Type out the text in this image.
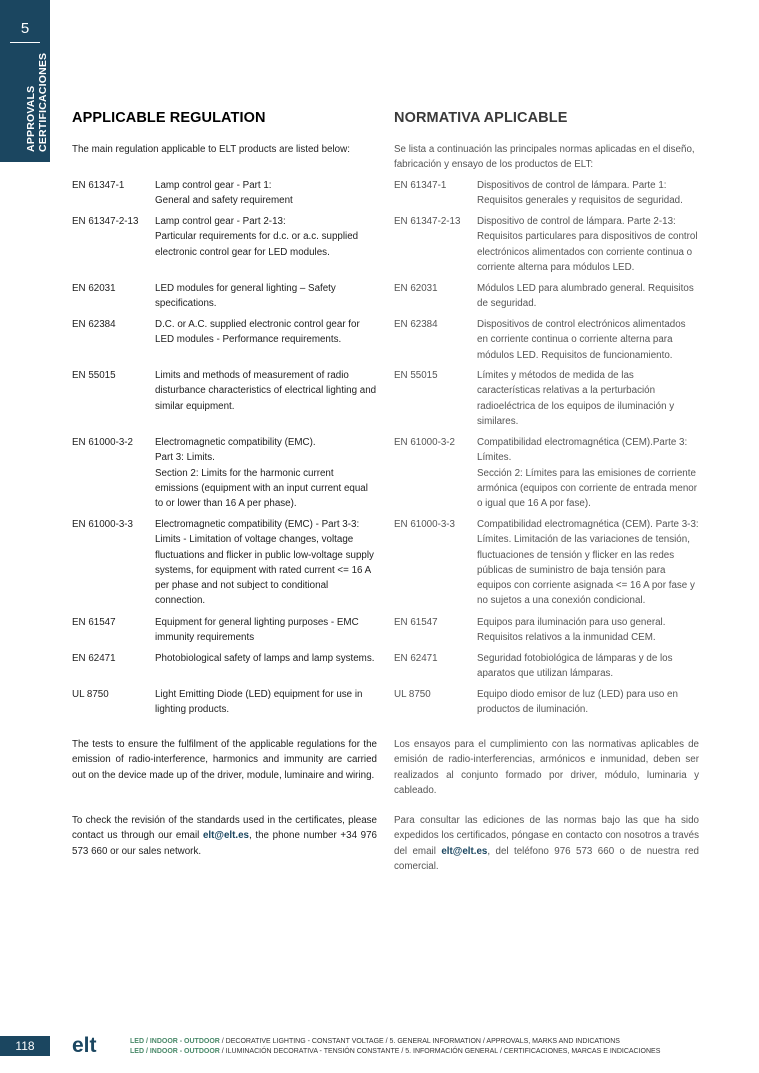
5
APPROVALS CERTIFICACIONES APPLICABLE REGULATION
The main regulation applicable to ELT products are listed below:
EN 61347-1	Lamp control gear - Part 1:
General and safety requirement
EN 61347-2-13	Lamp control gear - Part 2-13:
Particular requirements for d.c. or a.c. supplied electronic control gear for LED modules.
EN 62031	LED modules for general lighting – Safety specifications.
EN 62384	D.C. or A.C. supplied electronic control gear for LED modules - Performance requirements.
EN 55015	Limits and methods of measurement of radio disturbance characteristics of electrical lighting and similar equipment.
EN 61000-3-2	Electromagnetic compatibility (EMC).
Part 3: Limits.
Section 2: Limits for the harmonic current emissions (equipment with an input current equal to or lower than 16 A per phase).
EN 61000-3-3	Electromagnetic compatibility (EMC) - Part 3-3: Limits - Limitation of voltage changes, voltage fluctuations and flicker in public low-voltage supply systems, for equipment with rated current <= 16 A per phase and not subject to conditional connection.
EN 61547	Equipment for general lighting purposes - EMC immunity requirements
EN 62471	Photobiological safety of lamps and lamp systems.
UL 8750	Light Emitting Diode (LED) equipment for use in lighting products.
The tests to ensure the fulfilment of the applicable regulations for the emission of radio-interference, harmonics and immunity are carried out on the device made up of the driver, module, luminaire and wiring.
To check the revisión of the standards used in the certificates, please contact us through our email elt@elt.es, the phone number +34 976 573 660 or our sales network.
NORMATIVA APLICABLE
Se lista a continuación las principales normas aplicadas en el diseño, fabricación y ensayo de los productos de ELT:
EN 61347-1	Dispositivos de control de lámpara. Parte 1:
Requisitos generales y requisitos de seguridad.
EN 61347-2-13	Dispositivo de control de lámpara. Parte 2-13:
Requisitos particulares para dispositivos de control electrónicos alimentados con corriente continua o corriente alterna para módulos LED.
EN 62031	Módulos LED para alumbrado general. Requisitos de seguridad.
EN 62384	Dispositivos de control electrónicos alimentados en corriente continua o corriente alterna para módulos LED. Requisitos de funcionamiento.
EN 55015	Límites y métodos de medida de las características relativas a la perturbación radioeléctrica de los equipos de iluminación y similares.
EN 61000-3-2	Compatibilidad electromagnética (CEM).Parte 3: Límites.
Sección 2: Límites para las emisiones de corriente armónica (equipos con corriente de entrada menor o igual que 16 A por fase).
EN 61000-3-3	Compatibilidad electromagnética (CEM). Parte 3-3: Límites. Limitación de las variaciones de tensión, fluctuaciones de tensión y flicker en las redes públicas de suministro de baja tensión para equipos con corriente asignada <= 16 A por fase y no sujetos a una conexión condicional.
EN 61547	Equipos para iluminación para uso general. Requisitos relativos a la inmunidad CEM.
EN 62471	Seguridad fotobiológica de lámparas y de los aparatos que utilizan lámparas.
UL 8750	Equipo diodo emisor de luz (LED) para uso en productos de iluminación.
Los ensayos para el cumplimiento con las normativas aplicables de emisión de radio-interferencias, armónicos e inmunidad, deben ser realizados al conjunto formado por driver, módulo, luminaria y cableado.
Para consultar las ediciones de las normas bajo las que ha sido expedidos los certificados, póngase en contacto con nosotros a través del email elt@elt.es, del teléfono 976 573 660 o de nuestra red comercial.
118	elt	LED / INDOOR - OUTDOOR / DECORATIVE LIGHTING - CONSTANT VOLTAGE / 5. GENERAL INFORMATION / APPROVALS, MARKS AND INDICATIONS
LED / INDOOR - OUTDOOR / ILUMINACIÓN DECORATIVA - TENSIÓN CONSTANTE / 5. INFORMACIÓN GENERAL / CERTIFICACIONES, MARCAS E INDICACIONES
